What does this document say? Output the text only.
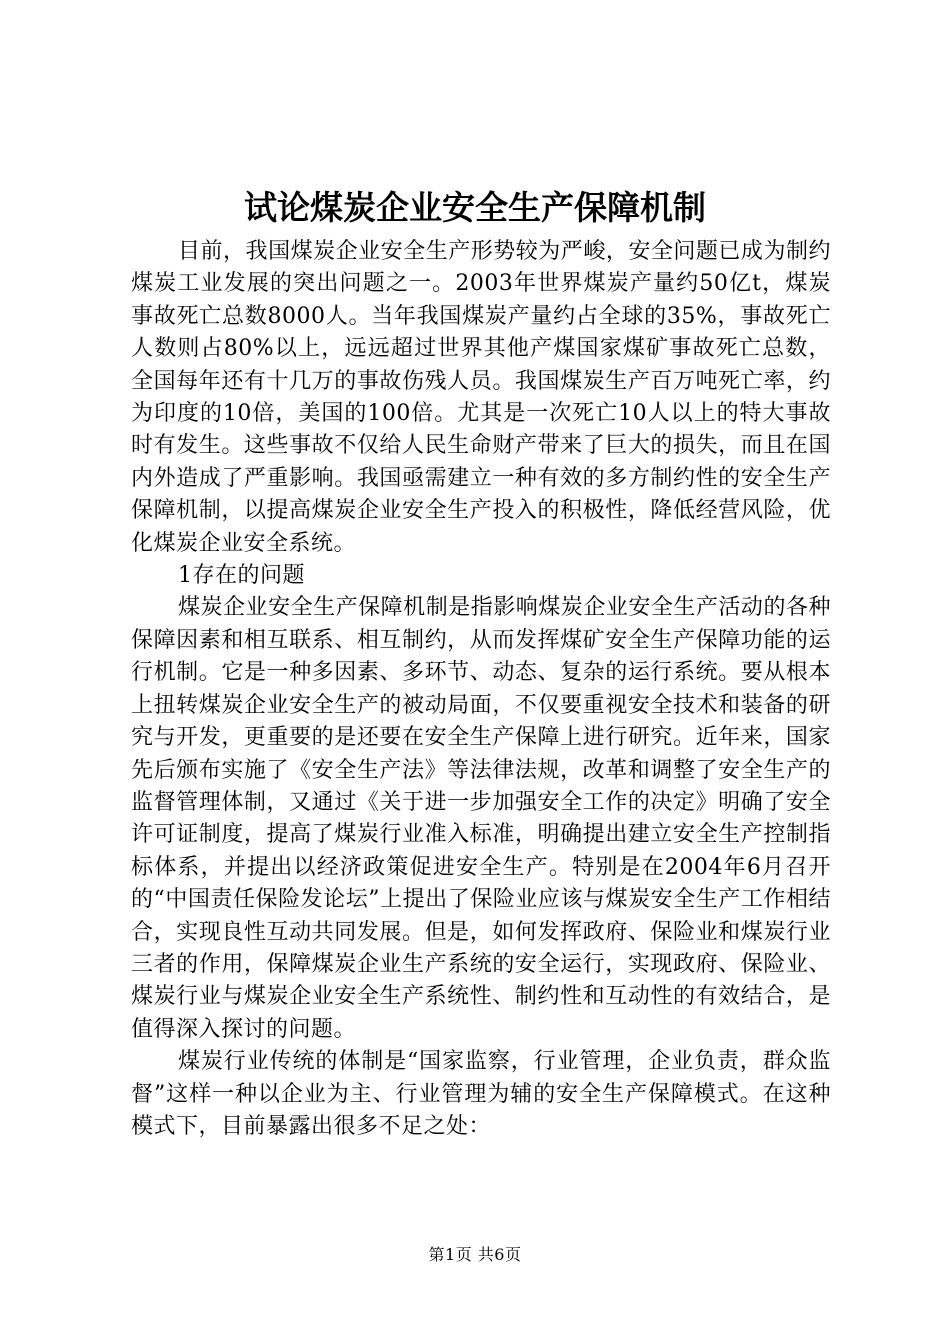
试论煤炭企业安全生产保障机制

目前，我国煤炭企业安全生产形势较为严峻，安全问题已成为制约煤炭工业发展的突出问题之一。2003年世界煤炭产量约50亿t，煤炭事故死亡总数8000人。当年我国煤炭产量约占全球的35%，事故死亡人数则占80%以上，远远超过世界其他产煤国家煤矿事故死亡总数，全国每年还有十几万的事故伤残人员。我国煤炭生产百万吨死亡率，约为印度的10倍，美国的100倍。尤其是一次死亡10人以上的特大事故时有发生。这些事故不仅给人民生命财产带来了巨大的损失，而且在国内外造成了严重影响。我国亟需建立一种有效的多方制约性的安全生产保障机制，以提高煤炭企业安全生产投入的积极性，降低经营风险，优化煤炭企业安全系统。

1存在的问题

煤炭企业安全生产保障机制是指影响煤炭企业安全生产活动的各种保障因素和相互联系、相互制约，从而发挥煤矿安全生产保障功能的运行机制。它是一种多因素、多环节、动态、复杂的运行系统。要从根本上扭转煤炭企业安全生产的被动局面，不仅要重视安全技术和装备的研究与开发，更重要的是还要在安全生产保障上进行研究。近年来，国家先后颁布实施了《安全生产法》等法律法规，改革和调整了安全生产的监督管理体制，又通过《关于进一步加强安全工作的决定》明确了安全许可证制度，提高了煤炭行业准入标准，明确提出建立安全生产控制指标体系，并提出以经济政策促进安全生产。特别是在2004年6月召开的“中国责任保险发论坛”上提出了保险业应该与煤炭安全生产工作相结合，实现良性互动共同发展。但是，如何发挥政府、保险业和煤炭行业三者的作用，保障煤炭企业生产系统的安全运行，实现政府、保险业、煤炭行业与煤炭企业安全生产系统性、制约性和互动性的有效结合，是值得深入探讨的问题。

煤炭行业传统的体制是“国家监察，行业管理，企业负责，群众监督”这样一种以企业为主、行业管理为辅的安全生产保障模式。在这种模式下，目前暴露出很多不足之处：

第1页 共6页
